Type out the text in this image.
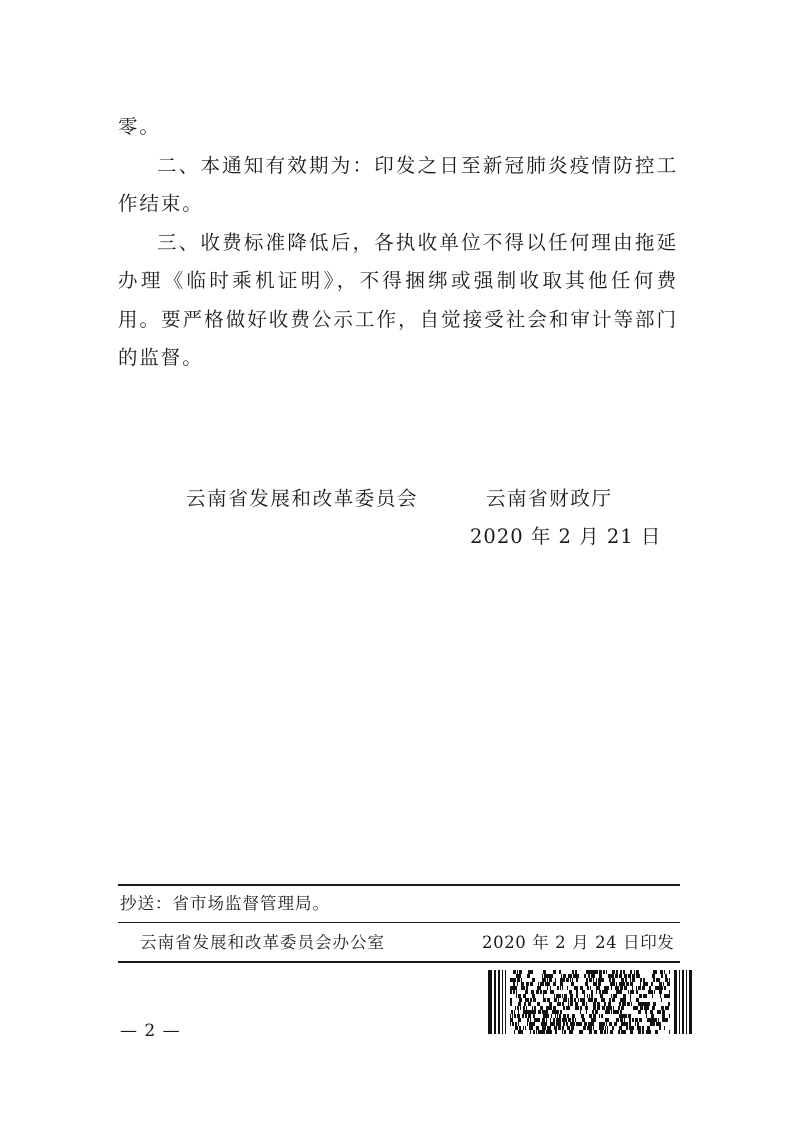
零。

二、本通知有效期为：印发之日至新冠肺炎疫情防控工作结束。

三、收费标准降低后，各执收单位不得以任何理由拖延办理《临时乘机证明》，不得捆绑或强制收取其他任何费用。要严格做好收费公示工作，自觉接受社会和审计等部门的监督。

云南省发展和改革委员会	云南省财政厅
2020 年 2 月 21 日
抄送：省市场监督管理局。
云南省发展和改革委员会办公室	2020 年 2 月 24 日印发
— 2 —
